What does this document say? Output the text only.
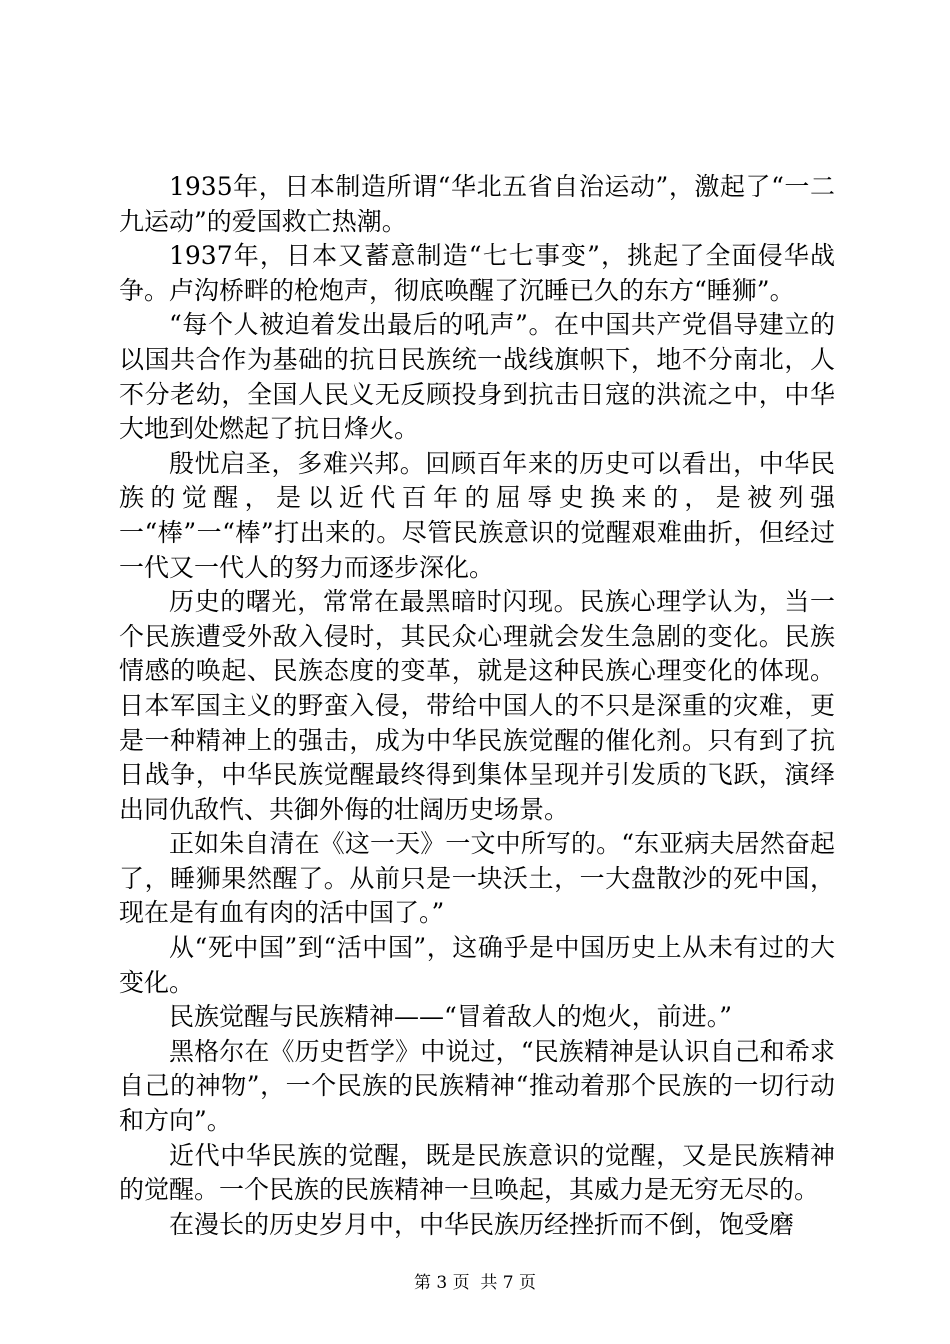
1935年，日本制造所谓“华北五省自治运动”，激起了“一二九运动”的爱国救亡热潮。

1937年，日本又蓄意制造“七七事变”，挑起了全面侵华战争。卢沟桥畔的枪炮声，彻底唤醒了沉睡已久的东方“睡狮”。

“每个人被迫着发出最后的吼声”。在中国共产党倡导建立的以国共合作为基础的抗日民族统一战线旗帜下，地不分南北，人不分老幼，全国人民义无反顾投身到抗击日寇的洪流之中，中华大地到处燃起了抗日烽火。

殷忧启圣，多难兴邦。回顾百年来的历史可以看出，中华民族的觉醒，是以近代百年的屈辱史换来的，是被列强一“棒”一“棒”打出来的。尽管民族意识的觉醒艰难曲折，但经过一代又一代人的努力而逐步深化。

历史的曙光，常常在最黑暗时闪现。民族心理学认为，当一个民族遭受外敌入侵时，其民众心理就会发生急剧的变化。民族情感的唤起、民族态度的变革，就是这种民族心理变化的体现。日本军国主义的野蛮入侵，带给中国人的不只是深重的灾难，更是一种精神上的强击，成为中华民族觉醒的催化剂。只有到了抗日战争，中华民族觉醒最终得到集体呈现并引发质的飞跃，演绎出同仇敌忾、共御外侮的壮阔历史场景。

正如朱自清在《这一天》一文中所写的。“东亚病夫居然奋起了，睡狮果然醒了。从前只是一块沃土，一大盘散沙的死中国，现在是有血有肉的活中国了。”

从“死中国”到“活中国”，这确乎是中国历史上从未有过的大变化。

民族觉醒与民族精神——“冒着敌人的炮火，前进。”

黑格尔在《历史哲学》中说过，“民族精神是认识自己和希求自己的神物”，一个民族的民族精神“推动着那个民族的一切行动和方向”。

近代中华民族的觉醒，既是民族意识的觉醒，又是民族精神的觉醒。一个民族的民族精神一旦唤起，其威力是无穷无尽的。

在漫长的历史岁月中，中华民族历经挫折而不倒，饱受磨

第 3 页  共 7 页
